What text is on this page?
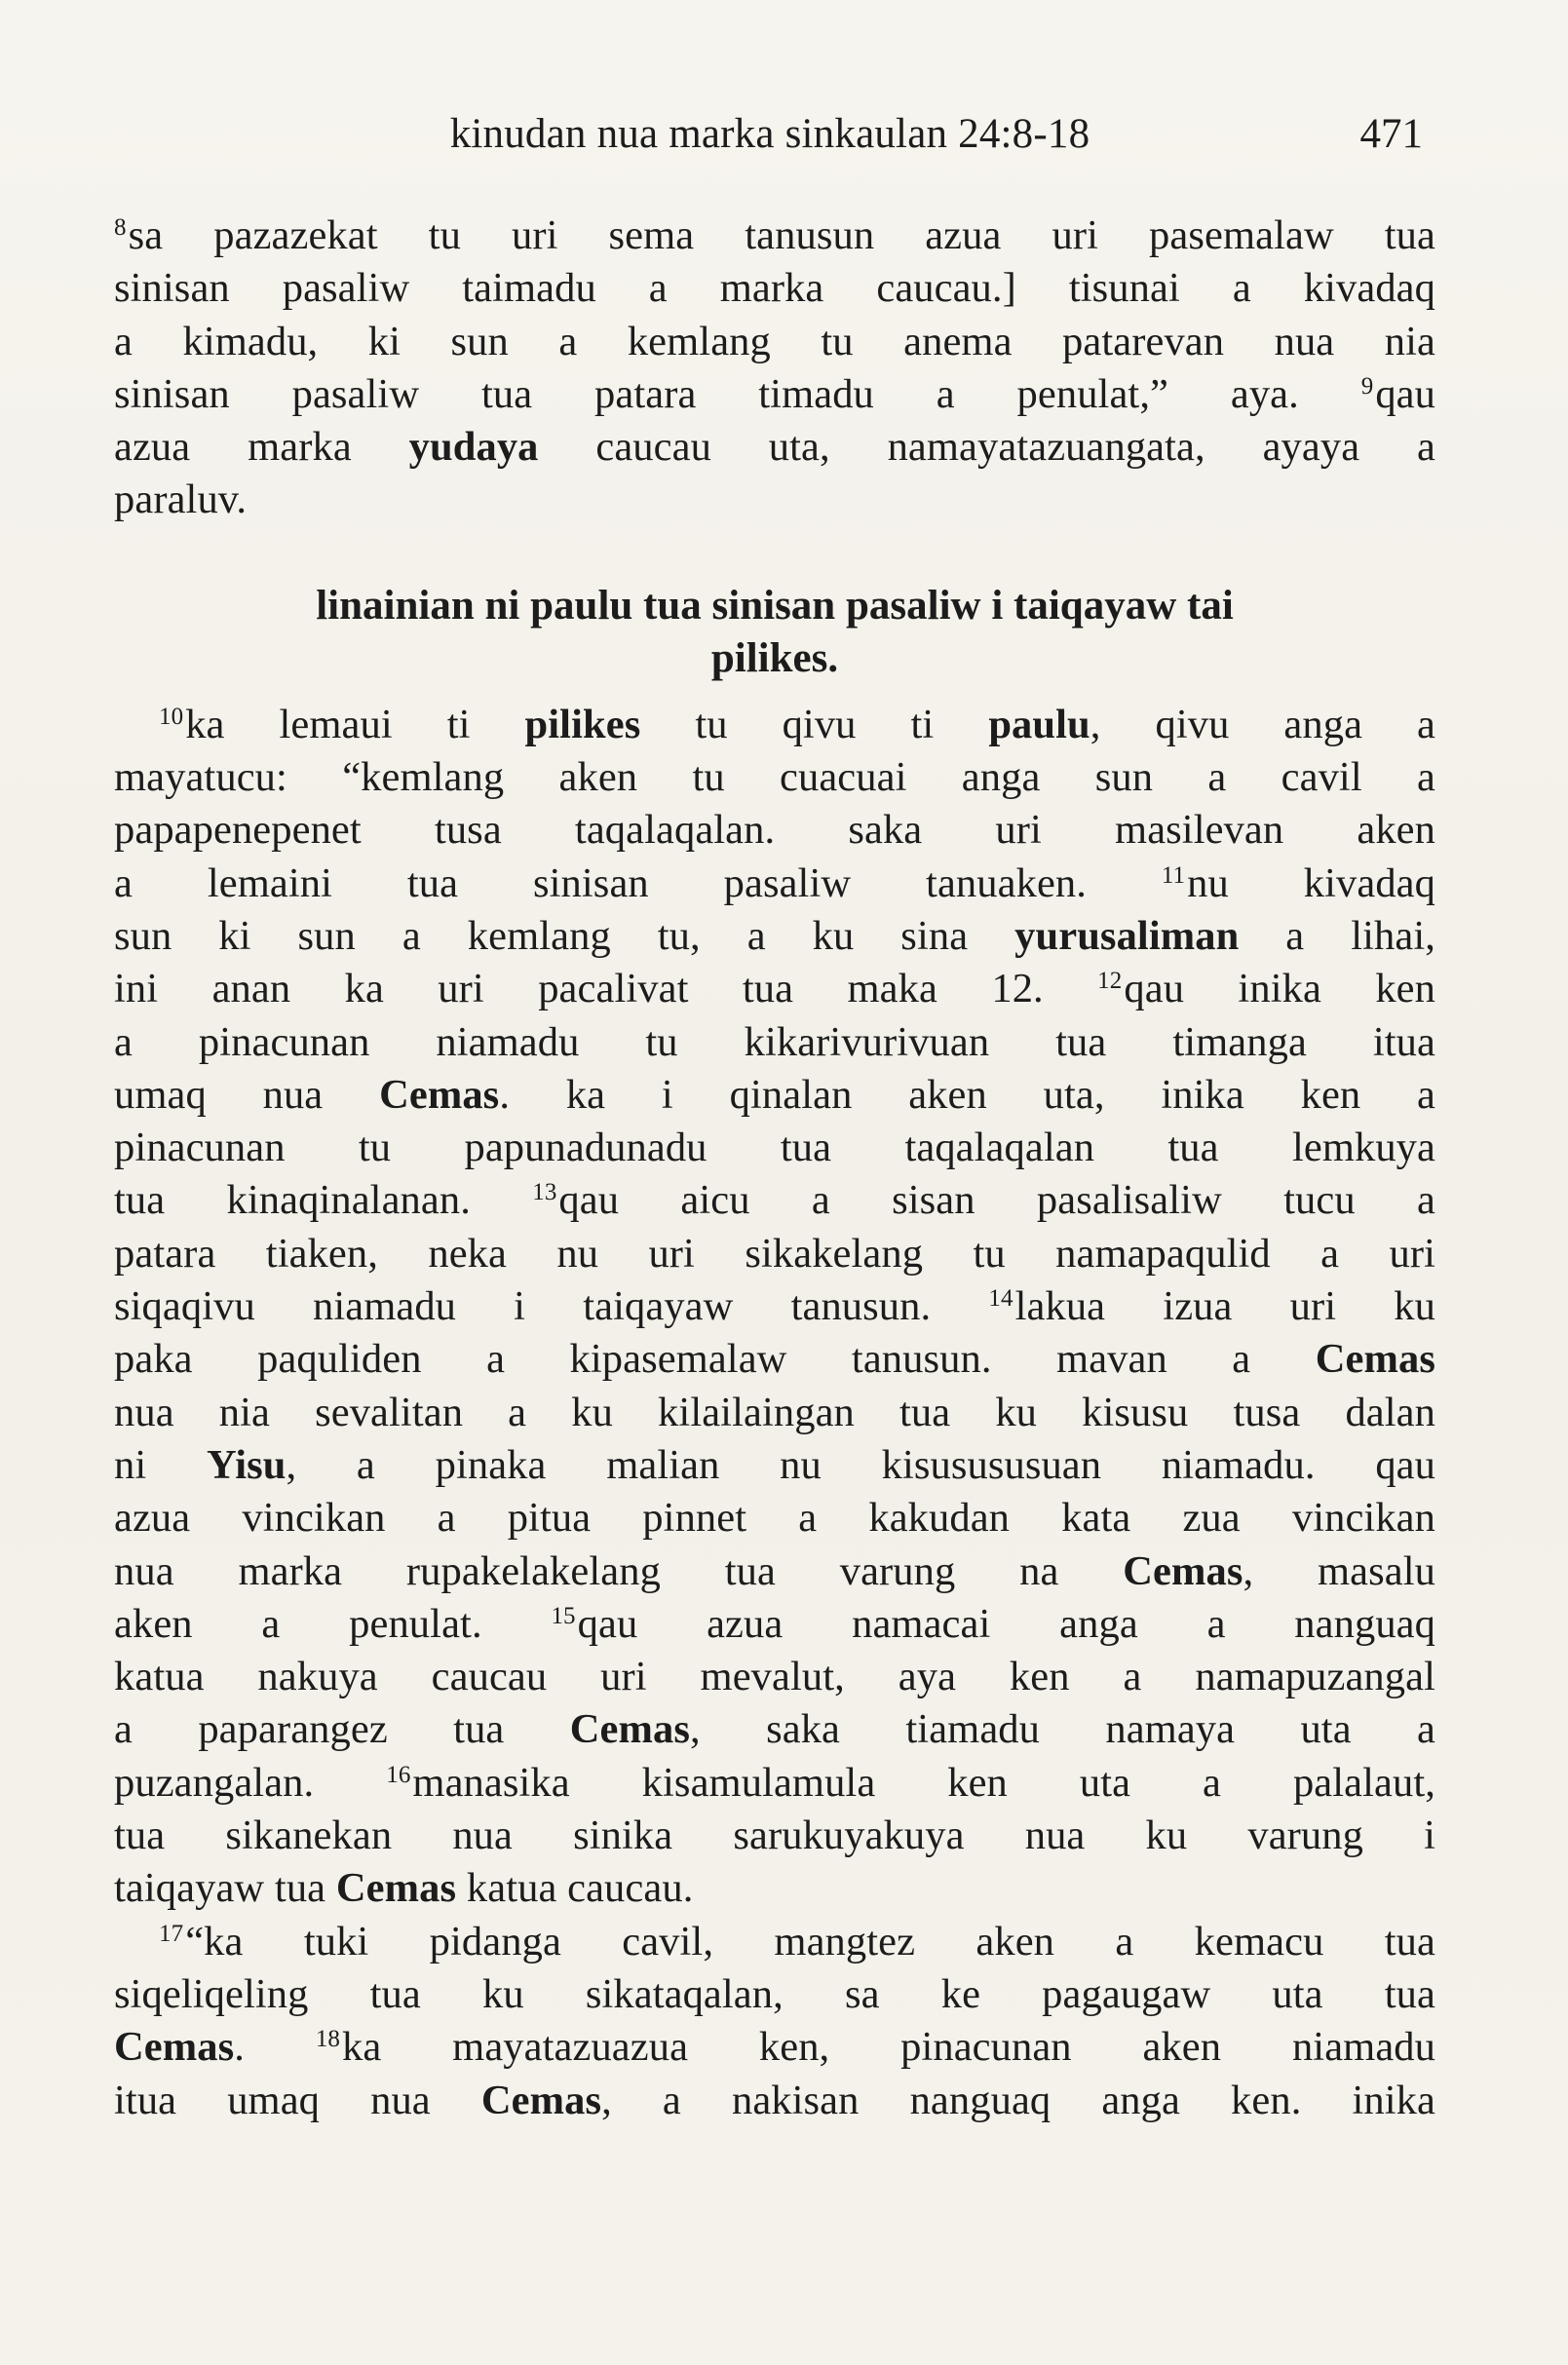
kinudan nua marka sinkaulan 24:8-18	471
$^8$sa pazazekat tu uri sema tanusun azua uri pasemalaw tua
sinisan pasaliw taimadu a marka caucau.] tisunai a kivadaq
a kimadu, ki sun a kemlang tu anema patarevan nua nia
sinisan pasaliw tua patara timadu a penulat,” aya.	$^9$qau
azua marka yudaya caucau uta, namayatazuangata, ayaya a
paraluv.
linainian ni paulu tua sinisan pasaliw i taiqayaw tai
pilikes.
$^{10}$ka lemaui ti pilikes tu qivu ti paulu, qivu anga a
mayatucu: “kemlang aken tu cuacuai anga sun a cavil a
papapenepenet tusa taqalaqalan. saka uri masilevan aken
a lemaini tua sinisan pasaliw tanuaken.	$^{11}$nu kivadaq
sun ki sun a kemlang tu, a ku sina yurusaliman a lihai,
ini anan ka uri pacalivat tua maka 12. $^{12}$qau inika ken
a pinacunan niamadu tu kikarivurivuan tua timanga itua
umaq nua Cemas. ka i qinalan aken uta, inika ken a
pinacunan tu papunadunadu tua taqalaqalan tua lemkuya
tua kinaqinalanan.	$^{13}$qau aicu a sisan pasalisaliw tucu a
patara tiaken, neka nu uri sikakelang tu namapaqulid a uri
siqaqivu niamadu i taiqayaw tanusun. $^{14}$lakua izua uri ku
paka paquliden a kipasemalaw tanusun. mavan a Cemas
nua nia sevalitan a ku kilailaingan tua ku kisusu tusa dalan
ni Yisu, a pinaka malian nu kisusususuan niamadu. qau
azua vincikan a pitua pinnet a kakudan kata zua vincikan
nua marka rupakelakelang tua varung na Cemas, masalu
aken a penulat.	$^{15}$qau azua namacai anga a nanguaq
katua nakuya caucau uri mevalut, aya ken a namapuzangal
a paparangez tua Cemas, saka tiamadu namaya uta a
puzangalan.	$^{16}$manasika kisamulamula ken uta a palalaut,
tua sikanekan nua sinika sarukuyakuya nua ku varung i
taiqayaw tua Cemas katua caucau.
$^{17}$“ka tuki pidanga cavil, mangtez aken a kemacu tua
siqeliqeling tua ku sikataqalan, sa ke pagaugaw uta tua
Cemas.	$^{18}$ka mayatazuazua ken, pinacunan aken niamadu
itua umaq nua Cemas, a nakisan nanguaq anga ken. inika
